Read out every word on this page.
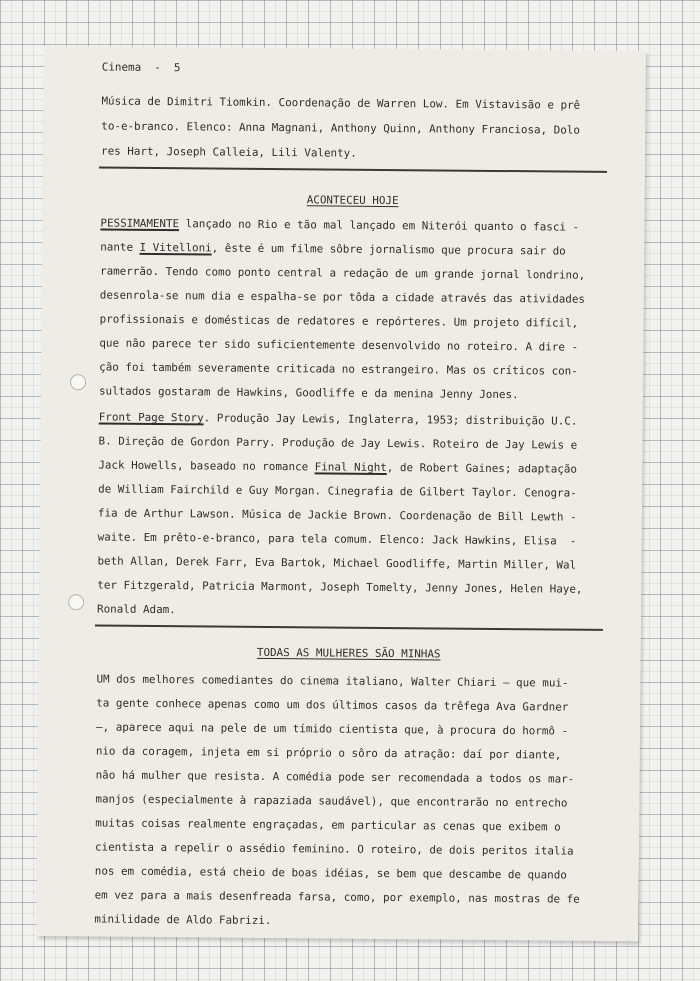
Cinema  -  5

Música de Dimitri Tiomkin. Coordenação de Warren Low. Em Vistavisão e prê

to-e-branco. Elenco: Anna Magnani, Anthony Quinn, Anthony Franciosa, Dolo

res Hart, Joseph Calleia, Lili Valenty.

ACONTECEU HOJE

PESSIMAMENTE lançado no Rio e tão mal lançado em Niterói quanto o fasci -

nante I Vitelloni, êste é um filme sôbre jornalismo que procura sair do

ramerrão. Tendo como ponto central a redação de um grande jornal londrino,

desenrola-se num dia e espalha-se por tôda a cidade através das atividades

profissionais e domésticas de redatores e repórteres. Um projeto difícil,

que não parece ter sido suficientemente desenvolvido no roteiro. A dire -

ção foi também severamente criticada no estrangeiro. Mas os críticos con-

sultados gostaram de Hawkins, Goodliffe e da menina Jenny Jones.

Front Page Story. Produção Jay Lewis, Inglaterra, 1953; distribuição U.C.

B. Direção de Gordon Parry. Produção de Jay Lewis. Roteiro de Jay Lewis e

Jack Howells, baseado no romance Final Night, de Robert Gaines; adaptação

de William Fairchild e Guy Morgan. Cinegrafia de Gilbert Taylor. Cenogra-

fia de Arthur Lawson. Música de Jackie Brown. Coordenação de Bill Lewth -

waite. Em prêto-e-branco, para tela comum. Elenco: Jack Hawkins, Elisa  -

beth Allan, Derek Farr, Eva Bartok, Michael Goodliffe, Martin Miller, Wal

ter Fitzgerald, Patricia Marmont, Joseph Tomelty, Jenny Jones, Helen Haye,

Ronald Adam.

TODAS AS MULHERES SÃO MINHAS

UM dos melhores comediantes do cinema italiano, Walter Chiari — que mui-

ta gente conhece apenas como um dos últimos casos da trêfega Ava Gardner

—, aparece aqui na pele de um tímido cientista que, à procura do hormô -

nio da coragem, injeta em si próprio o sôro da atração: daí por diante,

não há mulher que resista. A comédia pode ser recomendada a todos os mar-

manjos (especialmente à rapaziada saudável), que encontrarão no entrecho

muitas coisas realmente engraçadas, em particular as cenas que exibem o

cientista a repelir o assédio feminino. O roteiro, de dois peritos italia

nos em comédia, está cheio de boas idéias, se bem que descambe de quando

em vez para a mais desenfreada farsa, como, por exemplo, nas mostras de fe

minilidade de Aldo Fabrizi.
